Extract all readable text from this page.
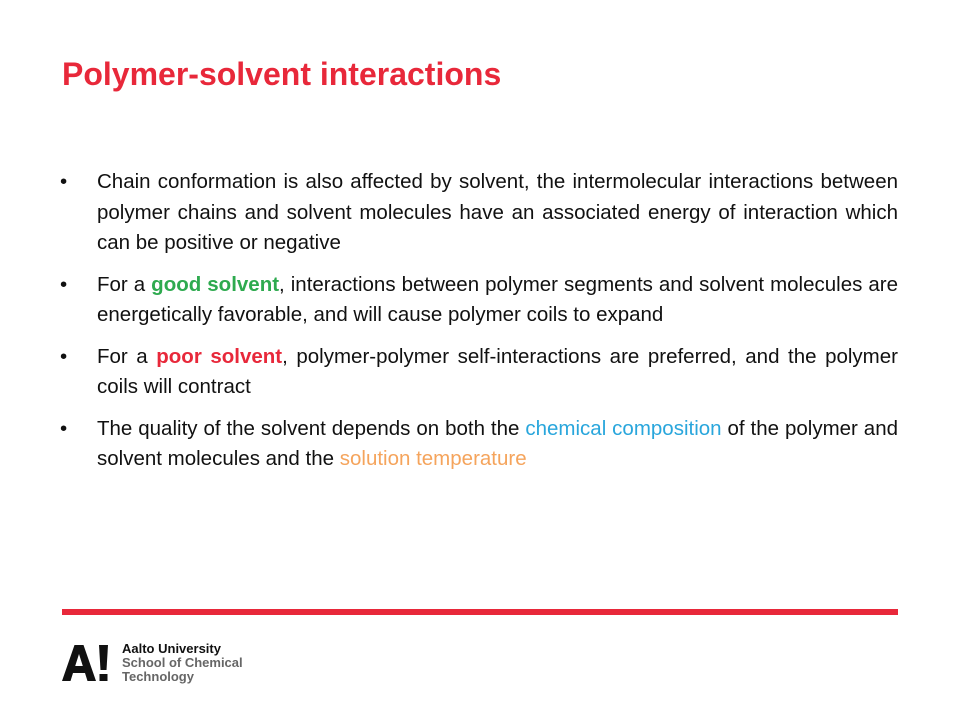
Polymer-solvent interactions
• Chain conformation is also affected by solvent, the intermolecular interactions between polymer chains and solvent molecules have an associated energy of interaction which can be positive or negative
• For a good solvent, interactions between polymer segments and solvent molecules are energetically favorable, and will cause polymer coils to expand
• For a poor solvent, polymer-polymer self-interactions are preferred, and the polymer coils will contract
• The quality of the solvent depends on both the chemical composition of the polymer and solvent molecules and the solution temperature
Aalto University
School of Chemical
Technology
